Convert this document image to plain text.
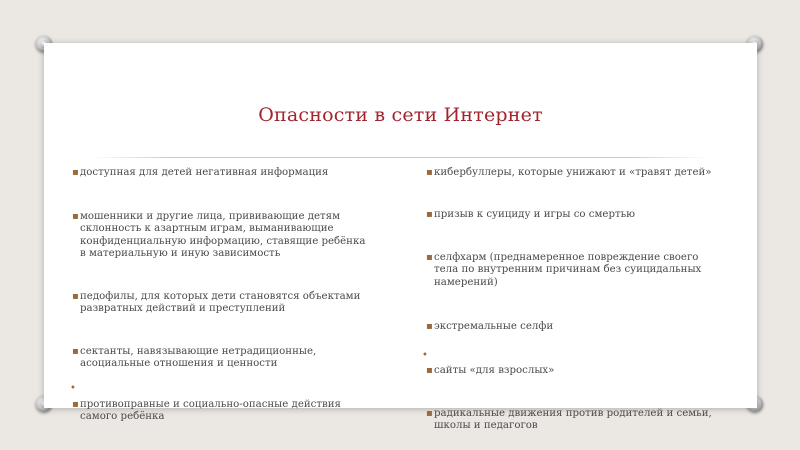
Опасности в сети Интернет
▪ доступная для детей негативная информация
▪ мошенники и другие лица, прививающие детям склонность к азартным играм, выманивающие конфиденциальную информацию, ставящие ребёнка в материальную и иную зависимость
▪ педофилы, для которых дети становятся объектами развратных действий и преступлений
▪ сектанты, навязывающие нетрадиционные, асоциальные отношения и ценности
•
▪ противоправные и социально-опасные действия самого ребёнка
▪ кибербуллеры, которые унижают и «травят детей»
▪ призыв к суициду и игры со смертью
▪ селфхарм (преднамеренное повреждение своего тела по внутренним причинам без суицидальных намерений)
▪ экстремальные селфи
•
▪ сайты «для взрослых»
▪ радикальные движения против родителей и семьи, школы и педагогов
